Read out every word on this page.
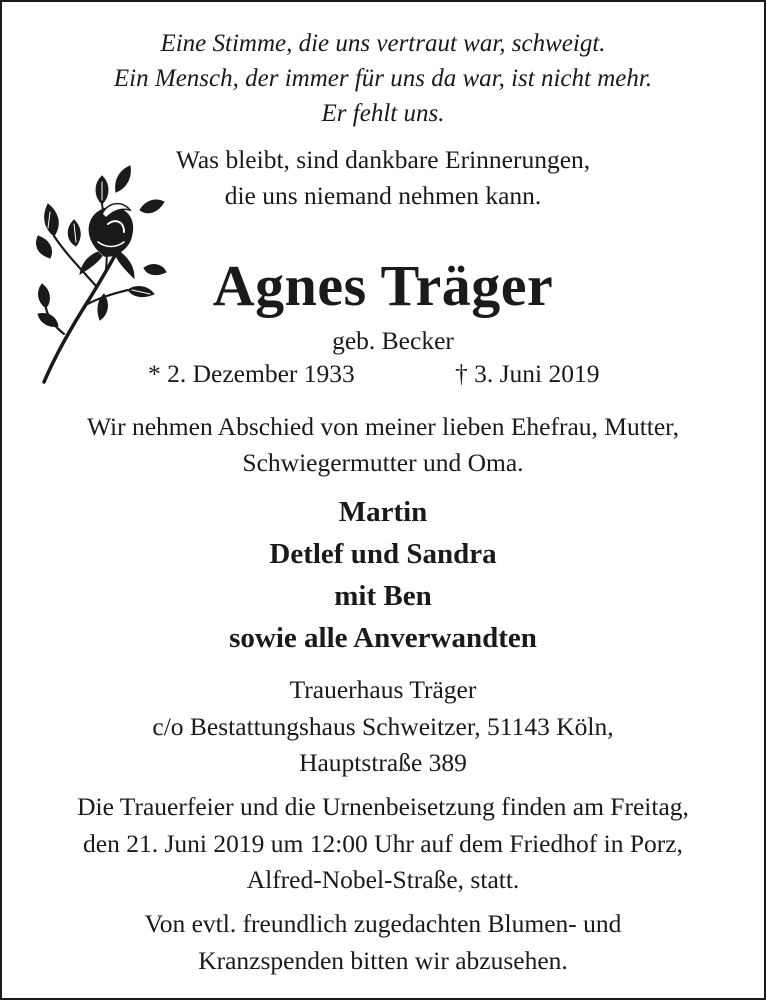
Eine Stimme, die uns vertraut war, schweigt.
Ein Mensch, der immer für uns da war, ist nicht mehr.
Er fehlt uns.
Was bleibt, sind dankbare Erinnerungen,
die uns niemand nehmen kann.
Agnes Träger
geb. Becker
* 2. Dezember 1933	† 3. Juni 2019
Wir nehmen Abschied von meiner lieben Ehefrau, Mutter,
Schwiegermutter und Oma.
Martin
Detlef und Sandra
mit Ben
sowie alle Anverwandten
Trauerhaus Träger
c/o Bestattungshaus Schweitzer, 51143 Köln,
Hauptstraße 389
Die Trauerfeier und die Urnenbeisetzung finden am Freitag,
den 21. Juni 2019 um 12:00 Uhr auf dem Friedhof in Porz,
Alfred-Nobel-Straße, statt.
Von evtl. freundlich zugedachten Blumen- und
Kranzspenden bitten wir abzusehen.
